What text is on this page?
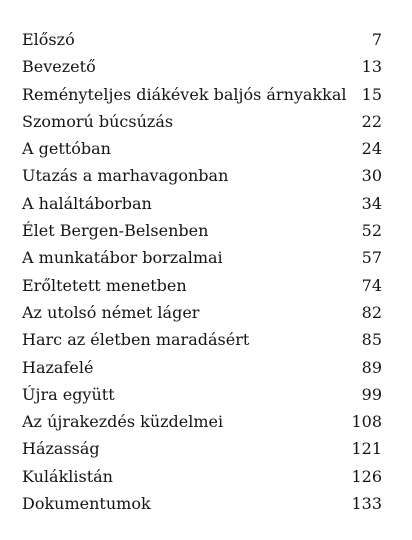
Előszó	7
Bevezető	13
Reményteljes diákévek baljós árnyakkal 15
Szomorú búcsúzás	22
A gettóban	24
Utazás a marhavagonban	30
A haláltáborban	34
Élet Bergen-Belsenben	52
A munkatábor borzalmai	57
Erőltetett menetben	74
Az utolsó német láger	82
Harc az életben maradásért	85
Hazafelé	89
Újra együtt	99
Az újrakezdés küzdelmei	108
Házasság	121
Kuláklistán	126
Dokumentumok	133
